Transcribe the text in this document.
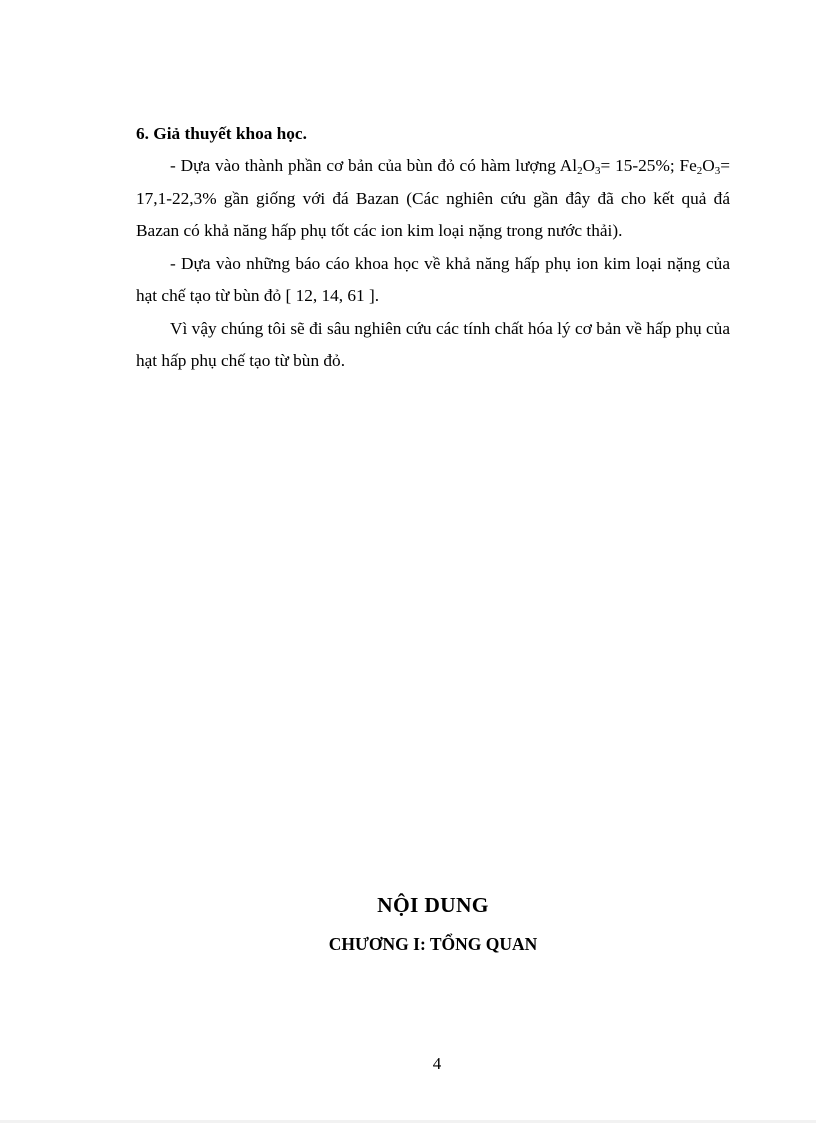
6. Giả thuyết khoa học.

- Dựa vào thành phần cơ bản của bùn đỏ có hàm lượng $Al_2O_3= 15-25\%$; $Fe_2O_3= 17,1-22,3\%$ gần giống với đá Bazan (Các nghiên cứu gần đây đã cho kết quả đá Bazan có khả năng hấp phụ tốt các ion kim loại nặng trong nước thải).

- Dựa vào những báo cáo khoa học về khả năng hấp phụ ion kim loại nặng của hạt chế tạo từ bùn đỏ [ 12, 14, 61 ].

Vì vậy chúng tôi sẽ đi sâu nghiên cứu các tính chất hóa lý cơ bản về hấp phụ của hạt hấp phụ chế tạo từ bùn đỏ.

NỘI DUNG
CHƯƠNG I: TỔNG QUAN
4
